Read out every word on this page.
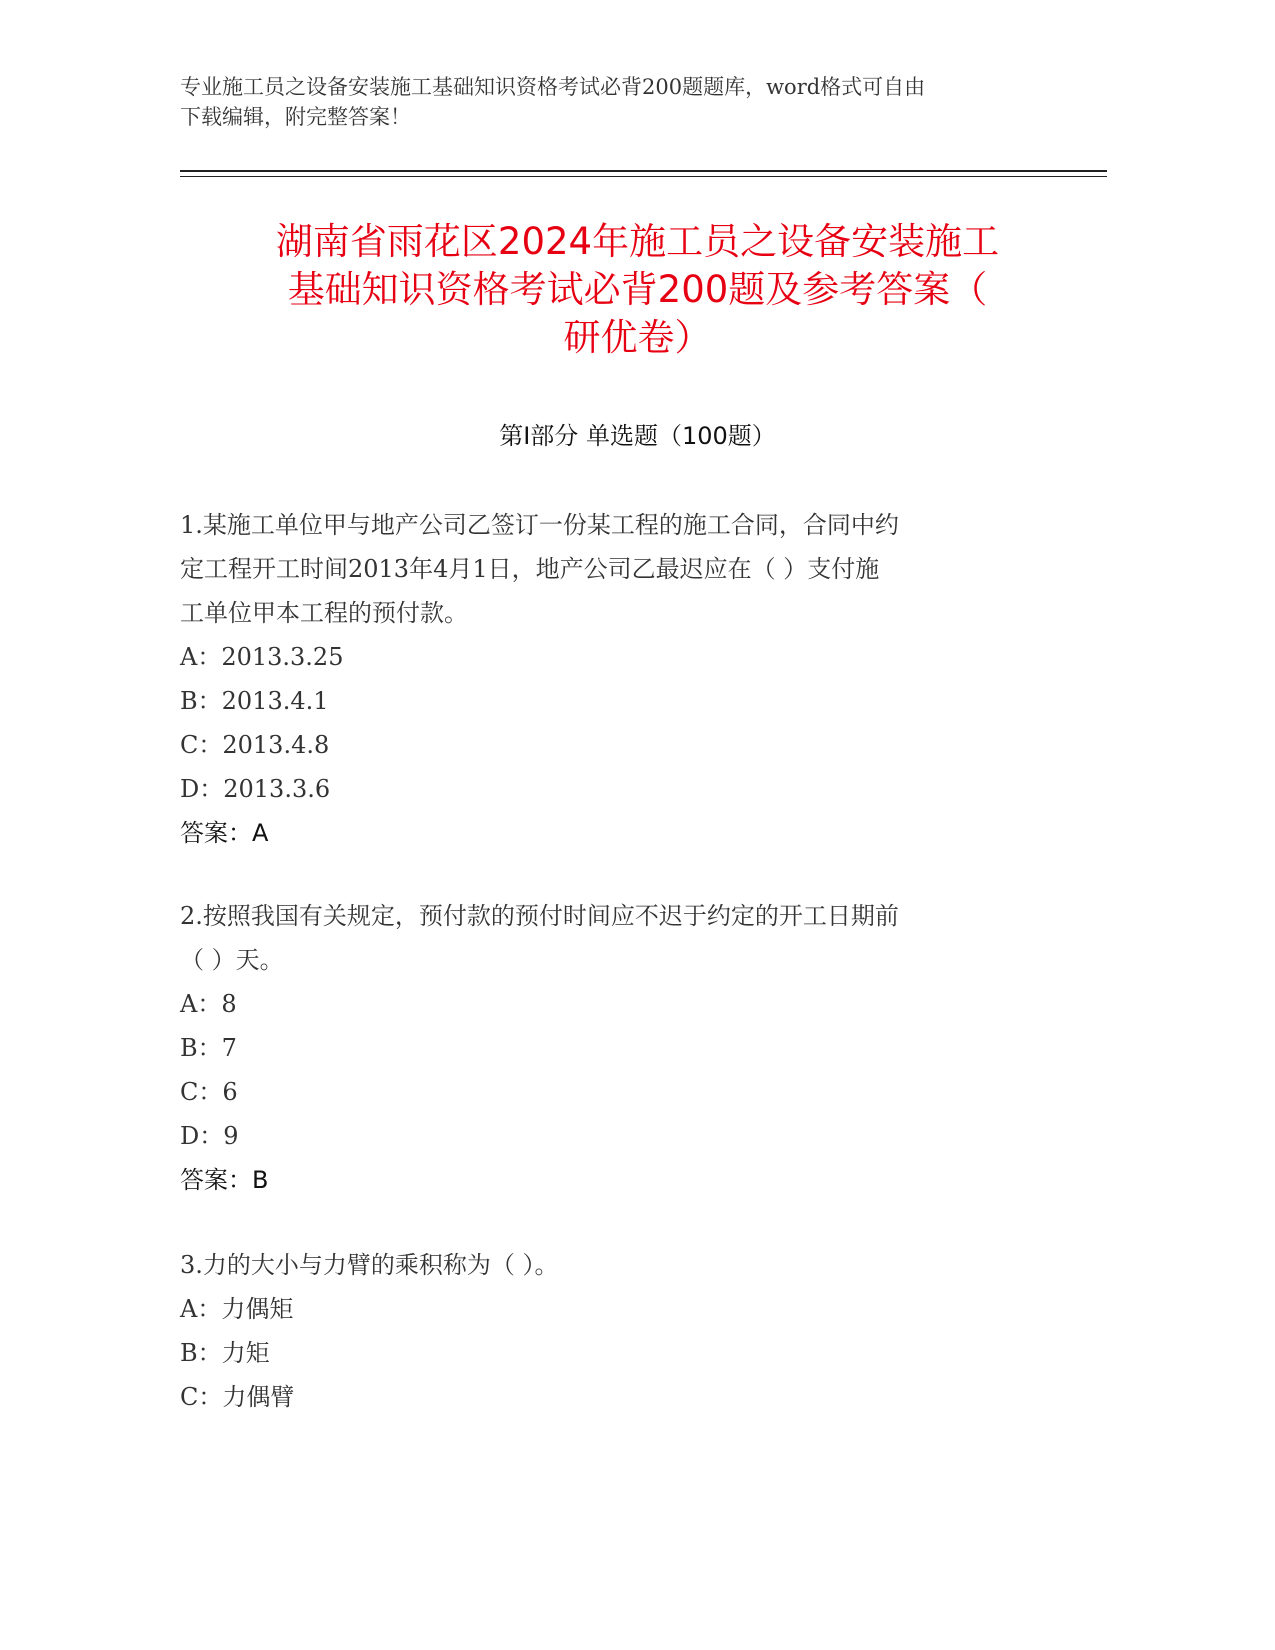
专业施工员之设备安装施工基础知识资格考试必背200题题库，word格式可自由
下载编辑，附完整答案！
湖南省雨花区2024年施工员之设备安装施工
基础知识资格考试必背200题及参考答案（
研优卷）
第Ⅰ部分 单选题（100题）
1.某施工单位甲与地产公司乙签订一份某工程的施工合同，合同中约
定工程开工时间2013年4月1日，地产公司乙最迟应在（ ）支付施
工单位甲本工程的预付款。
A：2013.3.25
B：2013.4.1
C：2013.4.8
D：2013.3.6
答案：A
2.按照我国有关规定，预付款的预付时间应不迟于约定的开工日期前
（ ）天。
A：8
B：7
C：6
D：9
答案：B
3.力的大小与力臂的乘积称为（ ）。
A：力偶矩
B：力矩
C：力偶臂
